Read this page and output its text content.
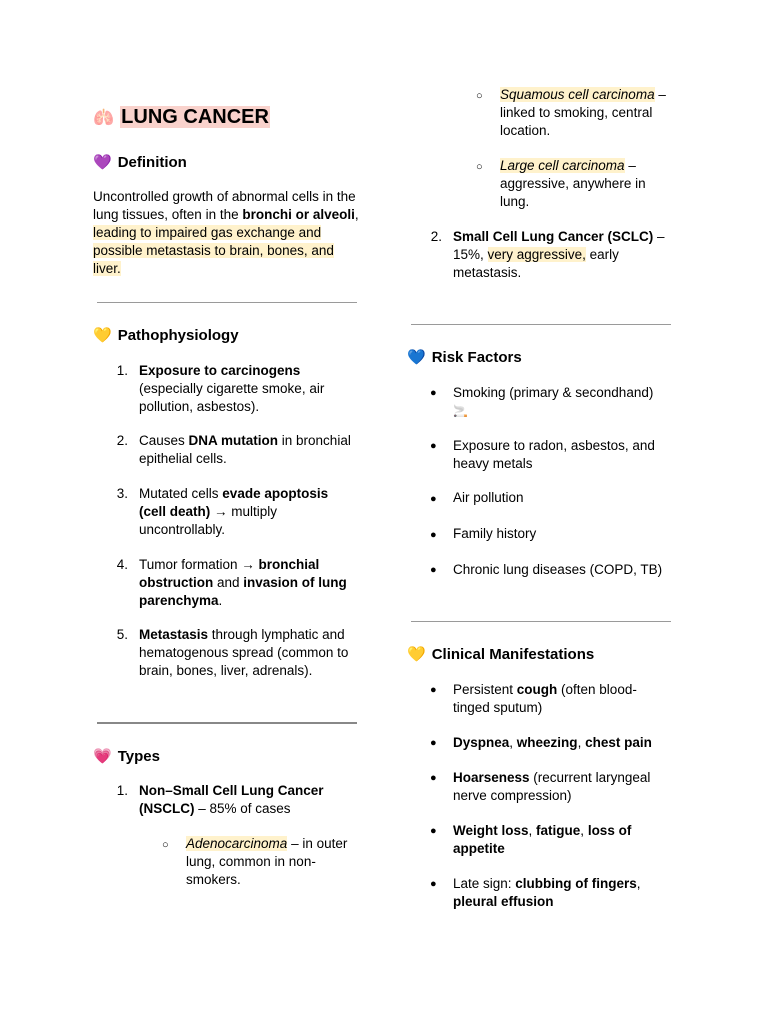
🫁 LUNG CANCER
💜 Definition
Uncontrolled growth of abnormal cells in the lung tissues, often in the bronchi or alveoli, leading to impaired gas exchange and possible metastasis to brain, bones, and liver.
💛 Pathophysiology
1. Exposure to carcinogens (especially cigarette smoke, air pollution, asbestos).
2. Causes DNA mutation in bronchial epithelial cells.
3. Mutated cells evade apoptosis (cell death) → multiply uncontrollably.
4. Tumor formation → bronchial obstruction and invasion of lung parenchyma.
5. Metastasis through lymphatic and hematogenous spread (common to brain, bones, liver, adrenals).
💗 Types
1. Non–Small Cell Lung Cancer (NSCLC) – 85% of cases
○ Adenocarcinoma – in outer lung, common in non-smokers.
○ Squamous cell carcinoma – linked to smoking, central location.
○ Large cell carcinoma – aggressive, anywhere in lung.
2. Small Cell Lung Cancer (SCLC) – 15%, very aggressive, early metastasis.
💙 Risk Factors
● Smoking (primary & secondhand)
🚬
● Exposure to radon, asbestos, and heavy metals
● Air pollution
● Family history
● Chronic lung diseases (COPD, TB)
💛 Clinical Manifestations
● Persistent cough (often blood-tinged sputum)
● Dyspnea, wheezing, chest pain
● Hoarseness (recurrent laryngeal nerve compression)
● Weight loss, fatigue, loss of appetite
● Late sign: clubbing of fingers, pleural effusion
